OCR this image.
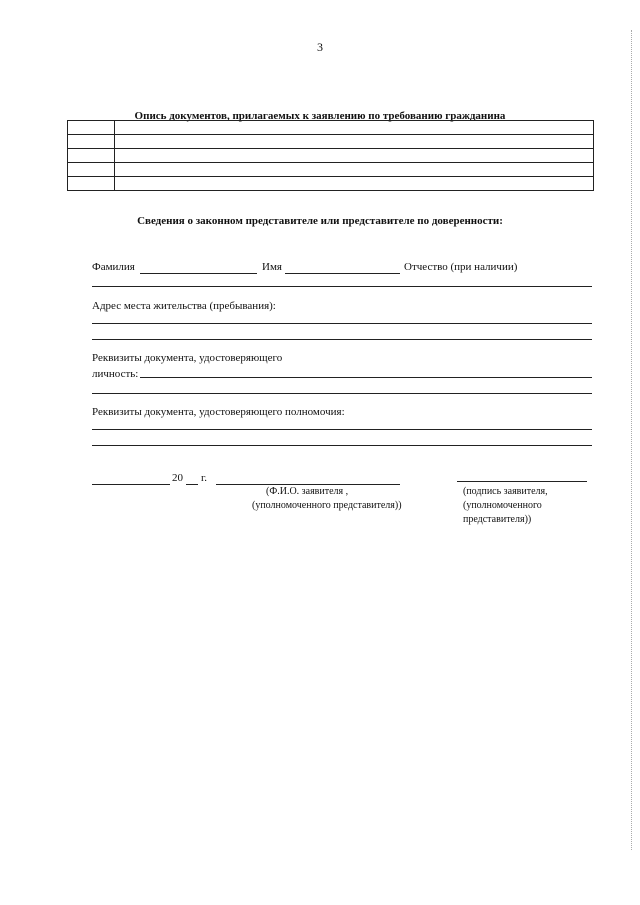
3
Опись документов, прилагаемых к заявлению по требованию гражданина

Сведения о законном представителе или представителе по доверенности:
Фамилия	Имя	Отчество (при наличии)
Адрес места жительства (пребывания):
Реквизиты документа, удостоверяющего
личность:
Реквизиты документа, удостоверяющего полномочия:
20 г.
(Ф.И.О. заявителя ,
(уполномоченного представителя))
(подпись заявителя,
(уполномоченного
представителя))
